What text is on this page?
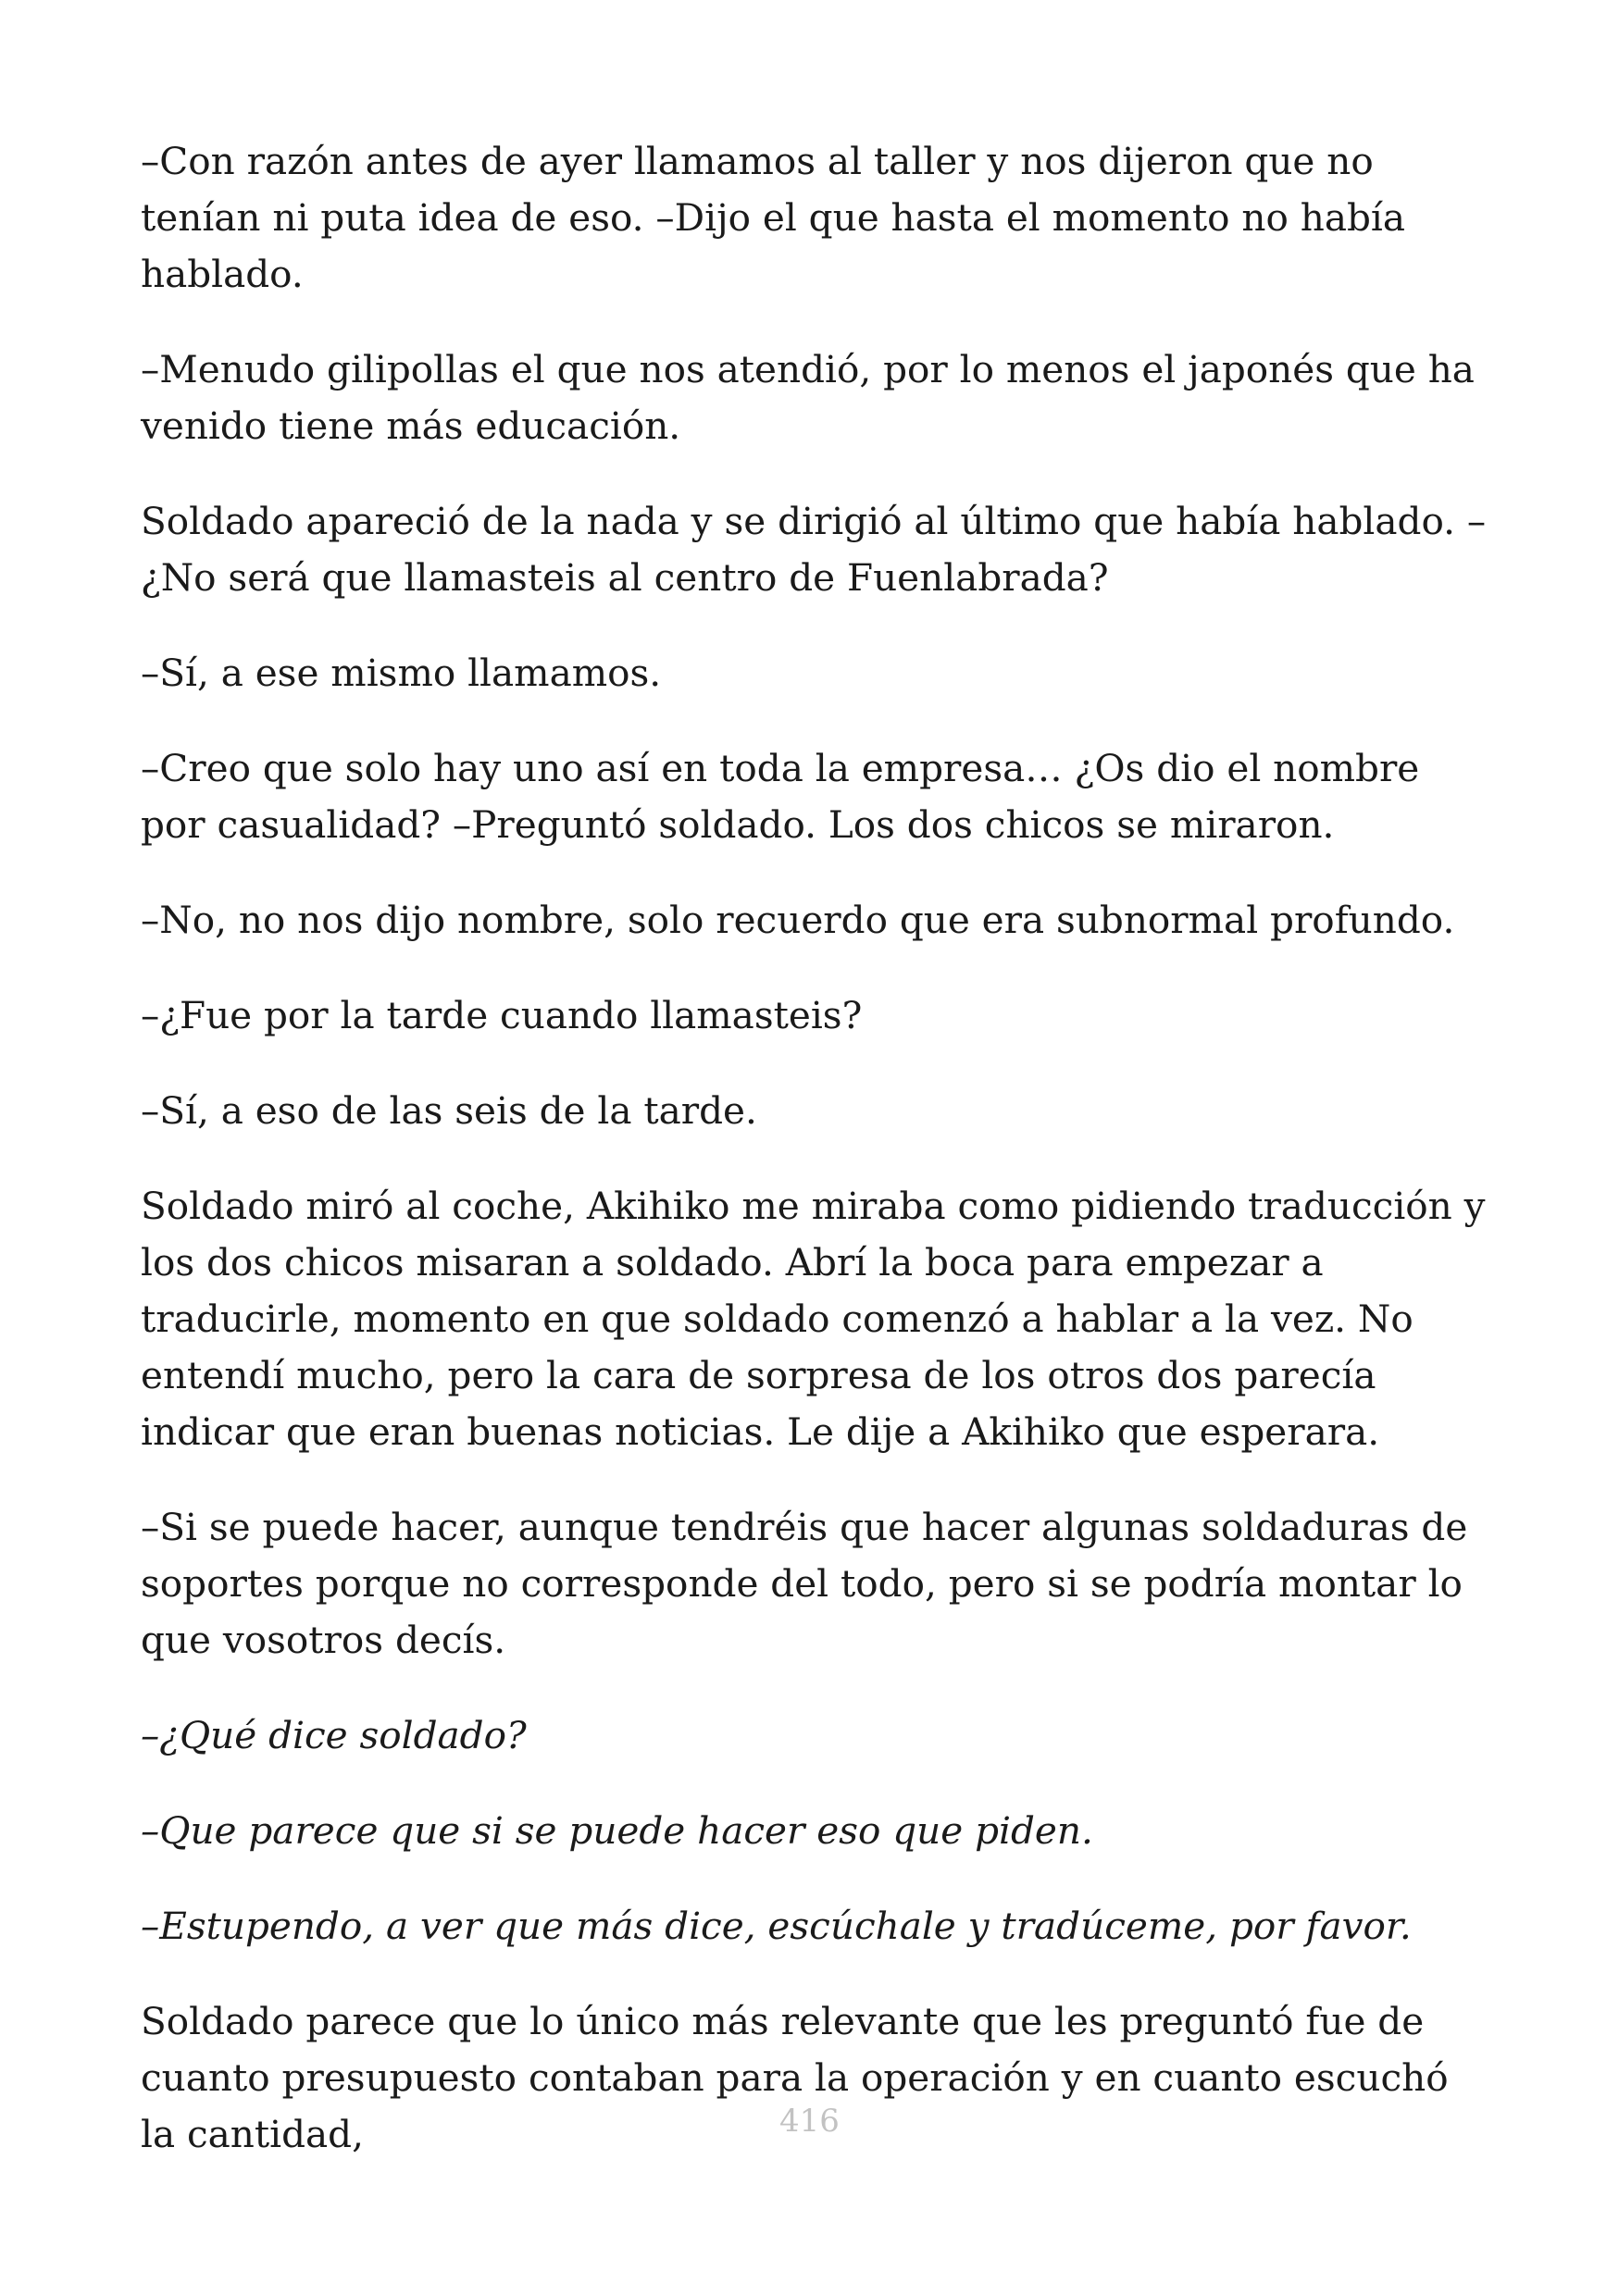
–Con razón antes de ayer llamamos al taller y nos dijeron que no tenían ni puta idea de eso. –Dijo el que hasta el momento no había hablado.

–Menudo gilipollas el que nos atendió, por lo menos el japonés que ha venido tiene más educación.

Soldado apareció de la nada y se dirigió al último que había hablado. –¿No será que llamasteis al centro de Fuenlabrada?

–Sí, a ese mismo llamamos.

–Creo que solo hay uno así en toda la empresa… ¿Os dio el nombre por casualidad? –Preguntó soldado. Los dos chicos se miraron.

–No, no nos dijo nombre, solo recuerdo que era subnormal profundo.

–¿Fue por la tarde cuando llamasteis?

–Sí, a eso de las seis de la tarde.

Soldado miró al coche, Akihiko me miraba como pidiendo traducción y los dos chicos misaran a soldado. Abrí la boca para empezar a traducirle, momento en que soldado comenzó a hablar a la vez. No entendí mucho, pero la cara de sorpresa de los otros dos parecía indicar que eran buenas noticias. Le dije a Akihiko que esperara.

–Si se puede hacer, aunque tendréis que hacer algunas soldaduras de soportes porque no corresponde del todo, pero si se podría montar lo que vosotros decís.

–¿Qué dice soldado?

–Que parece que si se puede hacer eso que piden.

–Estupendo, a ver que más dice, escúchale y tradúceme, por favor.

Soldado parece que lo único más relevante que les preguntó fue de cuanto presupuesto contaban para la operación y en cuanto escuchó la cantidad,	416
